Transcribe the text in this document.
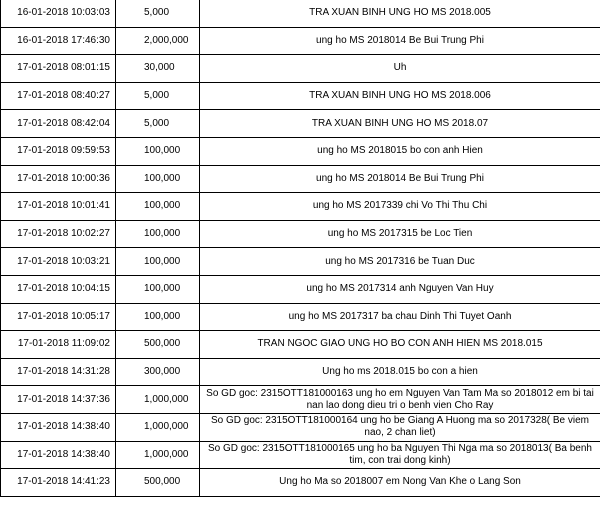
16-01-2018 10:03:03	5,000	TRA XUAN BINH UNG HO MS 2018.005
16-01-2018 17:46:30	2,000,000	ung ho MS 2018014 Be Bui Trung Phi
17-01-2018 08:01:15	30,000	Uh
17-01-2018 08:40:27	5,000	TRA XUAN BINH UNG HO MS 2018.006
17-01-2018 08:42:04	5,000	TRA XUAN BINH UNG HO MS 2018.07
17-01-2018 09:59:53	100,000	ung ho MS 2018015 bo con anh Hien
17-01-2018 10:00:36	100,000	ung ho MS 2018014 Be Bui Trung Phi
17-01-2018 10:01:41	100,000	ung ho MS 2017339 chi Vo Thi Thu Chi
17-01-2018 10:02:27	100,000	ung ho MS 2017315 be Loc Tien
17-01-2018 10:03:21	100,000	ung ho MS 2017316 be Tuan Duc
17-01-2018 10:04:15	100,000	ung ho MS 2017314 anh Nguyen Van Huy
17-01-2018 10:05:17	100,000	ung ho MS 2017317 ba chau Dinh Thi Tuyet Oanh
17-01-2018 11:09:02	500,000	TRAN NGOC GIAO UNG HO BO CON ANH HIEN MS 2018.015
17-01-2018 14:31:28	300,000	Ung ho ms 2018.015 bo con a hien
17-01-2018 14:37:36	1,000,000	So GD goc: 2315OTT181000163 ung ho em Nguyen Van Tam Ma so 2018012 em bi tai nan lao dong dieu tri o benh vien Cho Ray
17-01-2018 14:38:40	1,000,000	So GD goc: 2315OTT181000164 ung ho be Giang A Huong ma so 2017328( Be viem nao, 2 chan liet)
17-01-2018 14:38:40	1,000,000	So GD goc: 2315OTT181000165 ung ho ba Nguyen Thi Nga ma so 2018013( Ba benh tim, con trai dong kinh)
17-01-2018 14:41:23	500,000	Ung ho Ma so 2018007 em Nong Van Khe o Lang Son
